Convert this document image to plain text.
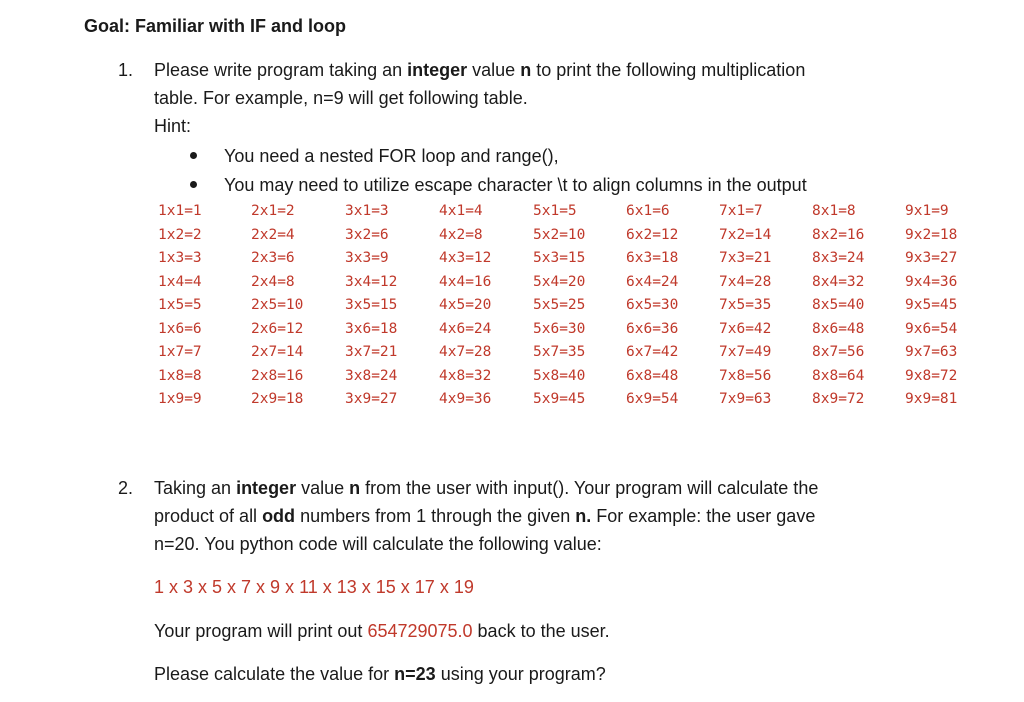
Goal: Familiar with IF and loop
1. Please write program taking an integer value n to print the following multiplication
table. For example, n=9 will get following table.
Hint:
You need a nested FOR loop and range(),
You may need to utilize escape character \t to align columns in the output
1x1=1
1x2=2
1x3=3
1x4=4
1x5=5
1x6=6
1x7=7
1x8=8
1x9=9
2x1=2
2x2=4
2x3=6
2x4=8
2x5=10
2x6=12
2x7=14
2x8=16
2x9=18
3x1=3
3x2=6
3x3=9
3x4=12
3x5=15
3x6=18
3x7=21
3x8=24
3x9=27
4x1=4
4x2=8
4x3=12
4x4=16
4x5=20
4x6=24
4x7=28
4x8=32
4x9=36
5x1=5
5x2=10
5x3=15
5x4=20
5x5=25
5x6=30
5x7=35
5x8=40
5x9=45
6x1=6
6x2=12
6x3=18
6x4=24
6x5=30
6x6=36
6x7=42
6x8=48
6x9=54
7x1=7
7x2=14
7x3=21
7x4=28
7x5=35
7x6=42
7x7=49
7x8=56
7x9=63
8x1=8
8x2=16
8x3=24
8x4=32
8x5=40
8x6=48
8x7=56
8x8=64
8x9=72
9x1=9
9x2=18
9x3=27
9x4=36
9x5=45
9x6=54
9x7=63
9x8=72
9x9=81
2. Taking an integer value n from the user with input(). Your program will calculate the
product of all odd numbers from 1 through the given n. For example: the user gave
n=20. You python code will calculate the following value:
1 x 3 x 5 x 7 x 9 x 11 x 13 x 15 x 17 x 19
Your program will print out 654729075.0 back to the user.
Please calculate the value for n=23 using your program?
